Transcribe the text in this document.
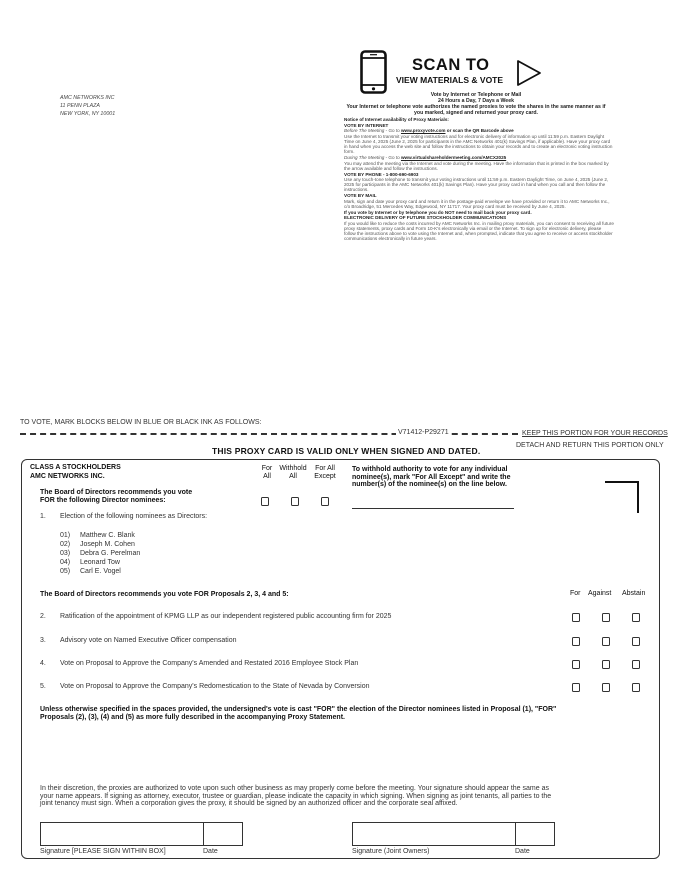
AMC NETWORKS INC
11 PENN PLAZA
NEW YORK, NY 10001
SCAN TO
VIEW MATERIALS & VOTE
Vote by Internet or Telephone or Mail
24 Hours a Day, 7 Days a Week
Your Internet or telephone vote authorizes the named proxies to vote the shares in the same manner as if
you marked, signed and returned your proxy card.

Notice of Internet availability of Proxy Materials:

VOTE BY INTERNET

Before The Meeting - Go to www.proxyvote.com or scan the QR Barcode above

Use the Internet to transmit your voting instructions and for electronic delivery of information up until 11:59 p.m. Eastern Daylight Time on June 4, 2025 (June 2, 2025 for participants in the AMC Networks 401(k) Savings Plan, if applicable). Have your proxy card in hand when you access the web site and follow the instructions to obtain your records and to create an electronic voting instruction form.

During The Meeting - Go to www.virtualshareholdermeeting.com/AMCX2025

You may attend the meeting via the Internet and vote during the meeting. Have the information that is printed in the box marked by the arrow available and follow the instructions.

VOTE BY PHONE - 1-800-690-6903

Use any touch-tone telephone to transmit your voting instructions until 11:59 p.m. Eastern Daylight Time, on June 4, 2025 (June 2, 2025 for participants in the AMC Networks 401(k) Savings Plan). Have your proxy card in hand when you call and then follow the instructions.

VOTE BY MAIL

Mark, sign and date your proxy card and return it in the postage-paid envelope we have provided or return it to AMC Networks Inc., c/o Broadridge, 51 Mercedes Way, Edgewood, NY 11717. Your proxy card must be received by June 4, 2025.

If you vote by Internet or by telephone you do NOT need to mail back your proxy card.

ELECTRONIC DELIVERY OF FUTURE STOCKHOLDER COMMUNICATIONS

If you would like to reduce the costs incurred by AMC Networks Inc. in mailing proxy materials, you can consent to receiving all future proxy statements, proxy cards and Form 10-K's electronically via email or the Internet. To sign up for electronic delivery, please follow the instructions above to vote using the Internet and, when prompted, indicate that you agree to receive or access stockholder communications electronically in future years.

TO VOTE, MARK BLOCKS BELOW IN BLUE OR BLACK INK AS FOLLOWS:
V71412-P29271	KEEP THIS PORTION FOR YOUR RECORDS
DETACH AND RETURN THIS PORTION ONLY
THIS PROXY CARD IS VALID ONLY WHEN SIGNED AND DATED.
CLASS A STOCKHOLDERS
AMC NETWORKS INC.
For
All
Withhold
All
For All
Except
To withhold authority to vote for any individual nominee(s), mark "For All Except" and write the number(s) of the nominee(s) on the line below.
The Board of Directors recommends you vote
FOR the following Director nominees:
1. Election of the following nominees as Directors:
01) Matthew C. Blank
02) Joseph M. Cohen
03) Debra G. Perelman
04) Leonard Tow
05) Carl E. Vogel
The Board of Directors recommends you vote FOR Proposals 2, 3, 4 and 5:	For Against Abstain
2. Ratification of the appointment of KPMG LLP as our independent registered public accounting firm for 2025
3. Advisory vote on Named Executive Officer compensation
4. Vote on Proposal to Approve the Company's Amended and Restated 2016 Employee Stock Plan
5. Vote on Proposal to Approve the Company's Redomestication to the State of Nevada by Conversion
Unless otherwise specified in the spaces provided, the undersigned's vote is cast "FOR" the election of the Director nominees listed in Proposal (1), "FOR" Proposals (2), (3), (4) and (5) as more fully described in the accompanying Proxy Statement.
In their discretion, the proxies are authorized to vote upon such other business as may properly come before the meeting. Your signature should appear the same as your name appears. If signing as attorney, executor, trustee or guardian, please indicate the capacity in which signing. When signing as joint tenants, all parties to the joint tenancy must sign. When a corporation gives the proxy, it should be signed by an authorized officer and the corporate seal affixed.
Signature [PLEASE SIGN WITHIN BOX]	Date	Signature (Joint Owners)	Date
